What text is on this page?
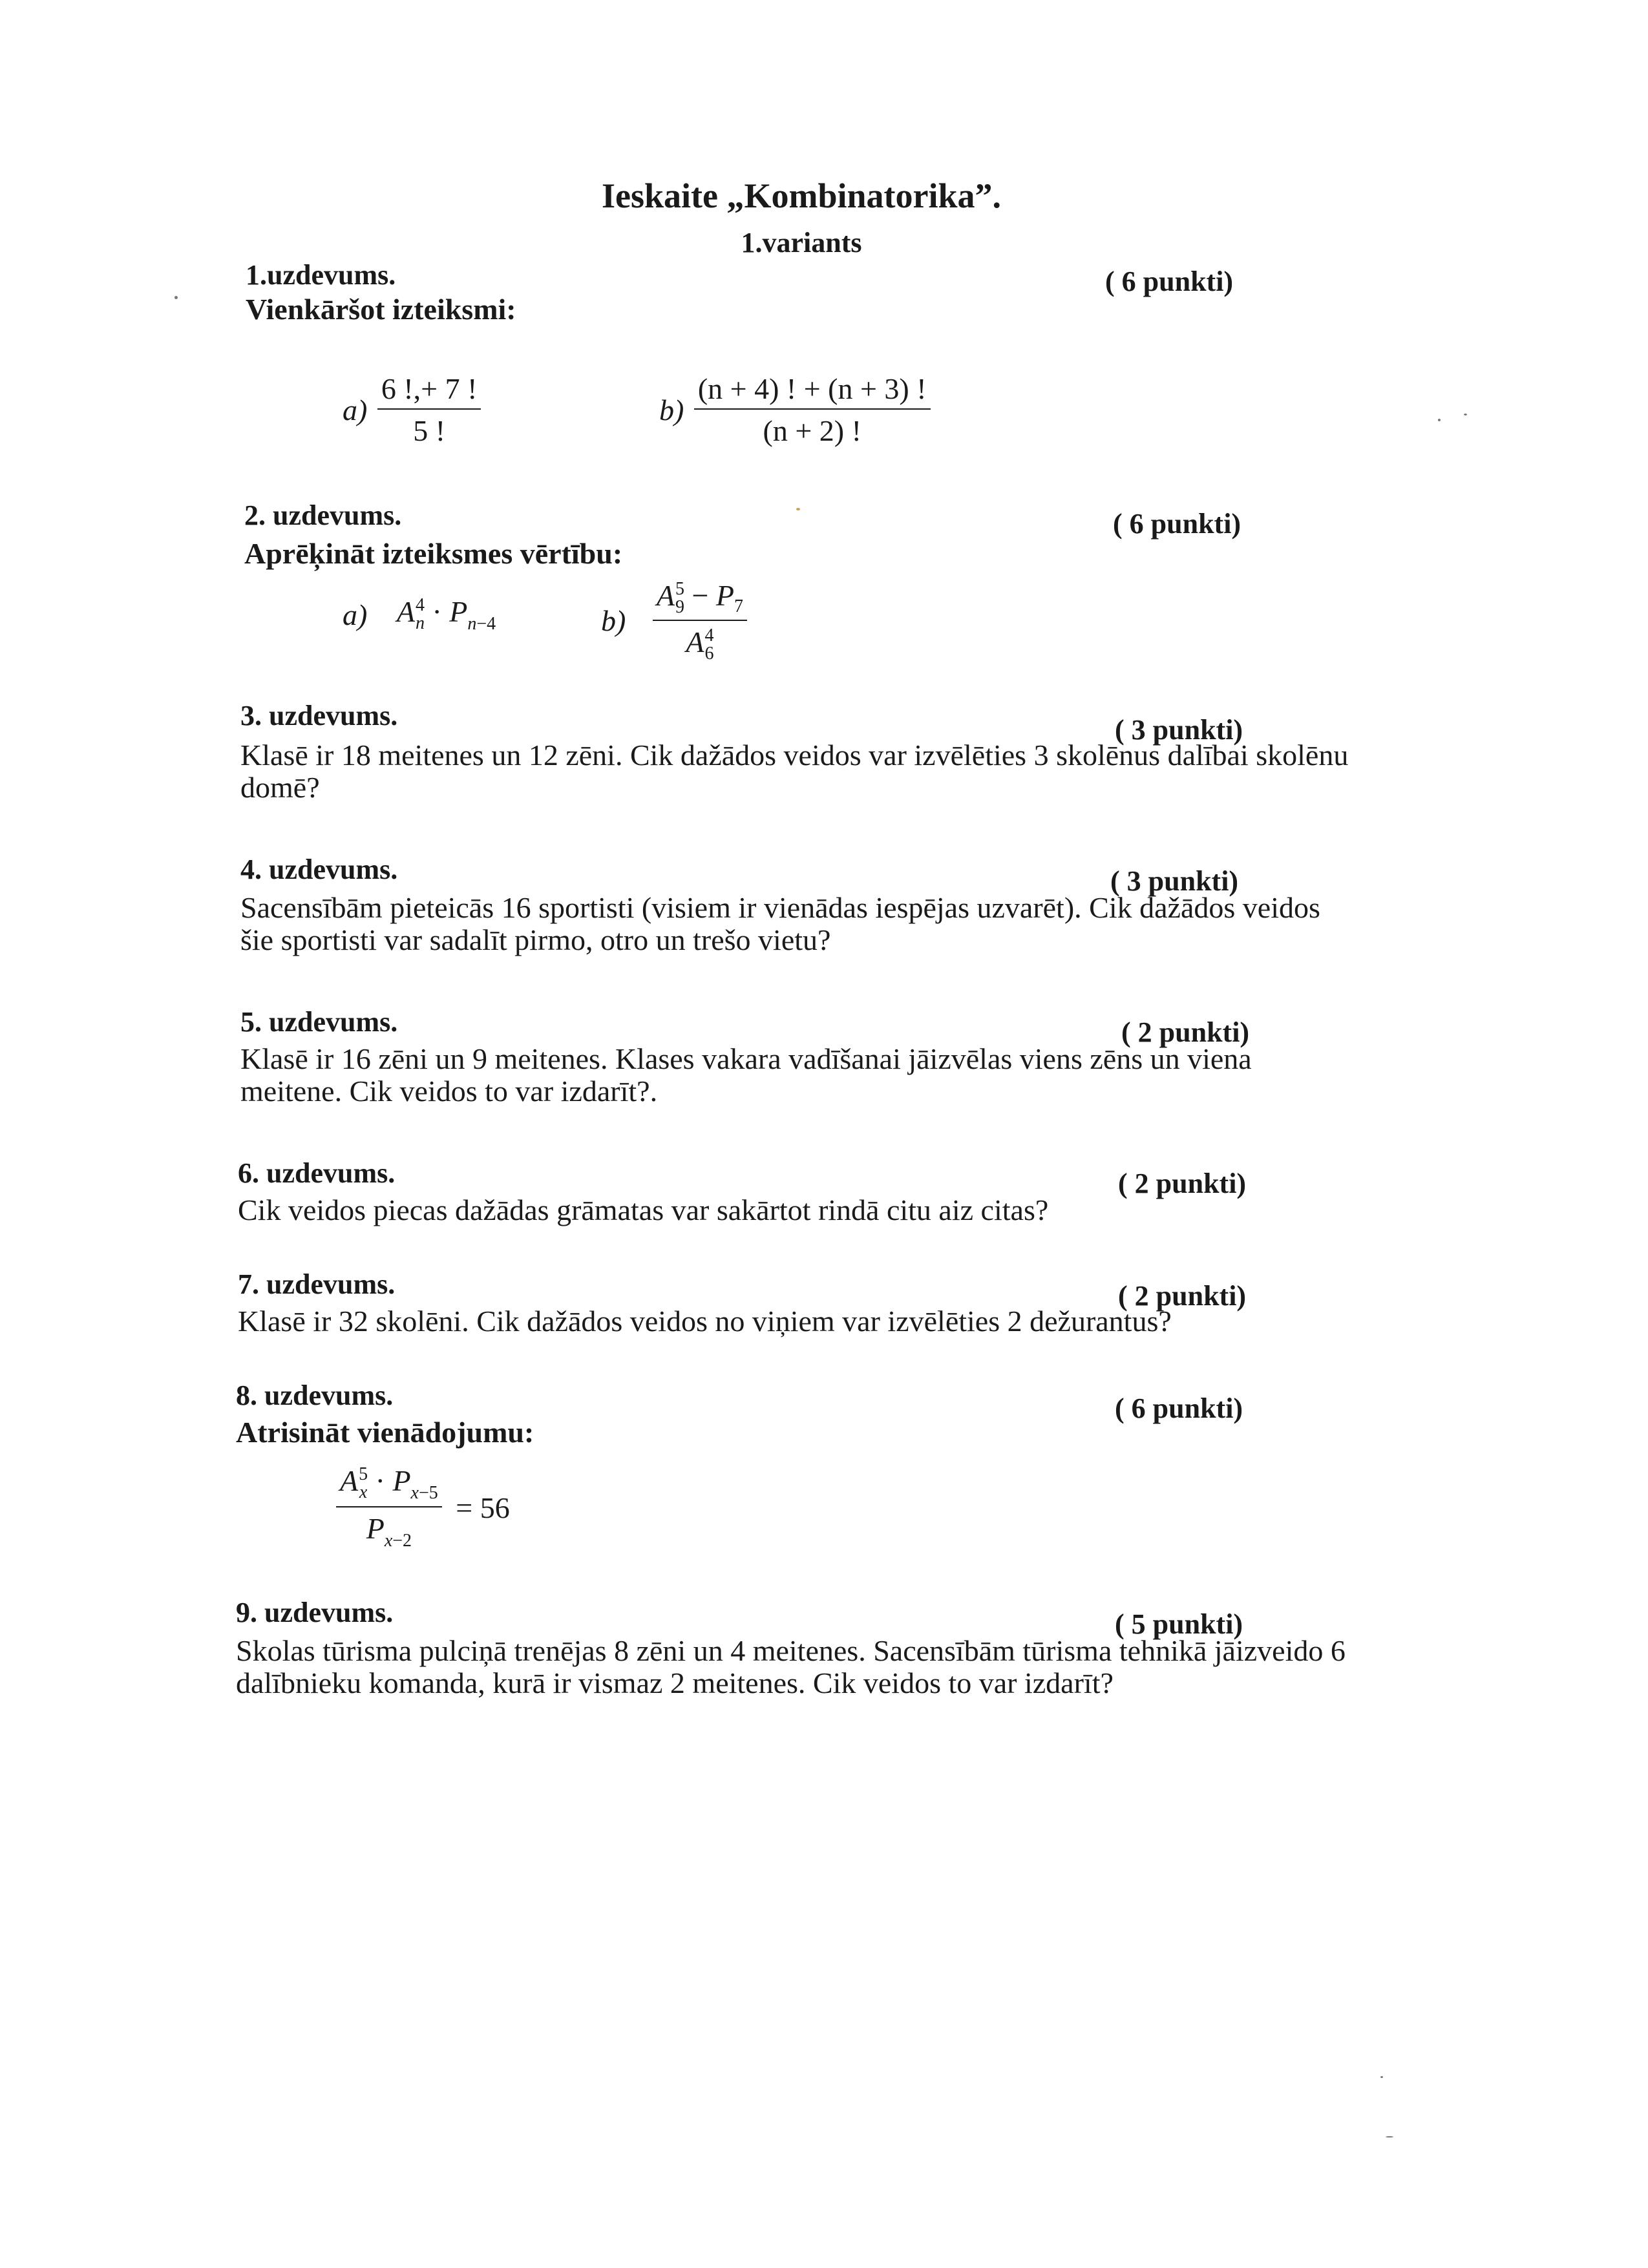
Ieskaite „Kombinatorika”.
1.variants
1.uzdevums.	( 6 punkti)
Vienkāršot izteiksmi:
$a) \frac{6 !,+ 7 !}{5 !}$	$b) \frac{(n + 4) ! + (n + 3) !}{(n + 2) !}$
2. uzdevums.	( 6 punkti)
Aprēķināt izteiksmes vērtību:
a) A 4
$n \cdot P_{n-4}$	b) A 5
$9 - P_7$
A 4
6
3. uzdevums.	( 3 punkti)
Klasē ir 18 meitenes un 12 zēni. Cik dažādos veidos var izvēlēties 3 skolēnus dalībai skolēnu domē?
4. uzdevums.	( 3 punkti)
Sacensībām pieteicās 16 sportisti (visiem ir vienādas iespējas uzvarēt). Cik dažādos veidos šie sportisti var sadalīt pirmo, otro un trešo vietu?
5. uzdevums.	( 2 punkti)
Klasē ir 16 zēni un 9 meitenes. Klases vakara vadīšanai jāizvēlas viens zēns un viena meitene. Cik veidos to var izdarīt?.
6. uzdevums.	( 2 punkti)
Cik veidos piecas dažādas grāmatas var sakārtot rindā citu aiz citas?
7. uzdevums.	( 2 punkti)
Klasē ir 32 skolēni. Cik dažādos veidos no viņiem var izvēlēties 2 dežurantus?
8. uzdevums.	( 6 punkti)
Atrisināt vienādojumu:
A 5
$x \cdot P_{x-5}$
$P_{x-2} = 56$
9. uzdevums.	( 5 punkti)
Skolas tūrisma pulciņā trenējas 8 zēni un 4 meitenes. Sacensībām tūrisma tehnikā jāizveido 6 dalībnieku komanda, kurā ir vismaz 2 meitenes. Cik veidos to var izdarīt?
